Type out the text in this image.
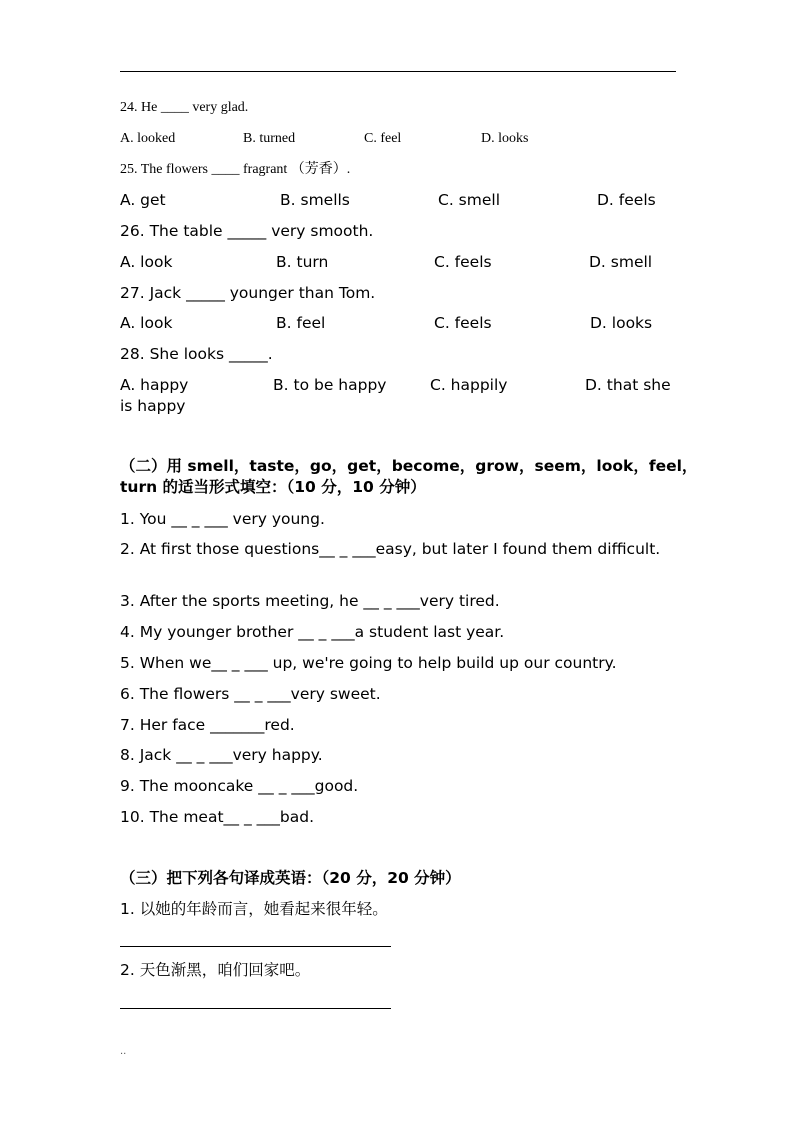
24. He ____ very glad.
A. looked	B. turned	C. feel	D. looks
25. The flowers ____ fragrant （芳香）.
A. get	B. smells	C. smell	D. feels
26. The table _____ very smooth.
A. look	B. turn	C. feels	D. smell
27. Jack _____ younger than Tom.
A. look	B. feel	C. feels	D. looks
28. She looks _____.
A. happy	B. to be happy	C. happily	D. that she
is happy
（二）用 smell，taste，go，get，become，grow，seem，look，feel，turn 的适当形式填空：（10 分，10 分钟）
1. You __ _ ___ very young.
2. At first those questions__ _ ___easy, but later I found them difficult.
3. After the sports meeting, he __ _ ___very tired.
4. My younger brother __ _ ___a student last year.
5. When we__ _ ___ up, we're going to help build up our country.
6. The flowers __ _ ___very sweet.
7. Her face _______red.
8. Jack __ _ ___very happy.
9. The mooncake __ _ ___good.
10. The meat__ _ ___bad.
（三）把下列各句译成英语：（20 分，20 分钟）
1. 以她的年龄而言，她看起来很年轻。
2. 天色渐黑，咱们回家吧。
..
